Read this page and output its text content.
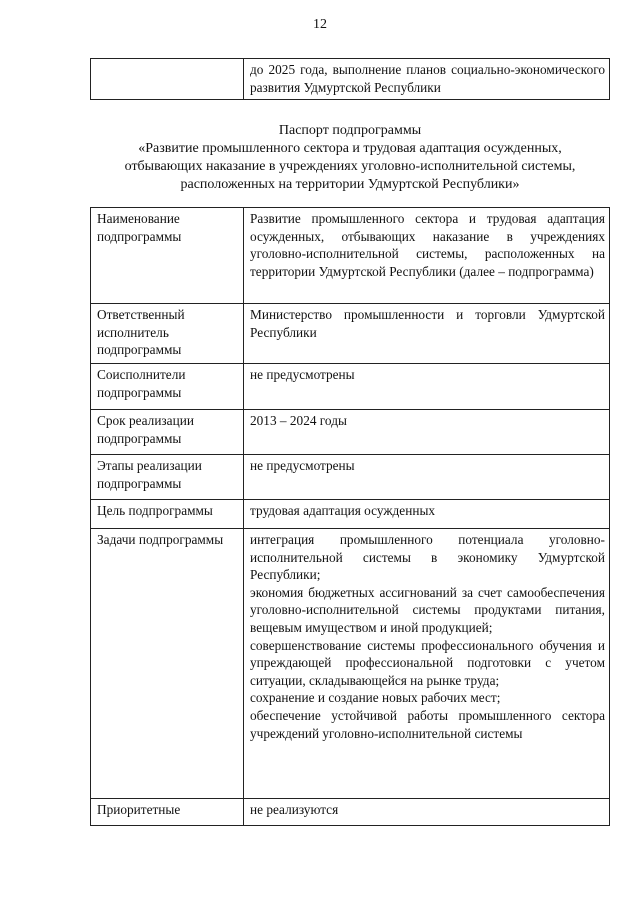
12
	до 2025 года, выполнение планов социально-экономического развития Удмуртской Республики
Паспорт подпрограммы
«Развитие промышленного сектора и трудовая адаптация осужденных,
отбывающих наказание в учреждениях уголовно-исполнительной системы,
расположенных на территории Удмуртской Республики»
Наименование подпрограммы	Развитие промышленного сектора и трудовая адаптация осужденных, отбывающих наказание в учреждениях уголовно-исполнительной системы, расположенных на территории Удмуртской Республики (далее – подпрограмма)
Ответственный исполнитель подпрограммы	Министерство промышленности и торговли Удмуртской Республики
Соисполнители подпрограммы	не предусмотрены
Срок реализации подпрограммы	2013 – 2024 годы
Этапы реализации подпрограммы	не предусмотрены
Цель подпрограммы	трудовая адаптация осужденных
Задачи подпрограммы	интеграция промышленного потенциала уголовно-исполнительной системы в экономику Удмуртской Республики;
экономия бюджетных ассигнований за счет самообеспечения уголовно-исполнительной системы продуктами питания, вещевым имуществом и иной продукцией;
совершенствование системы профессионального обучения и упреждающей профессиональной подготовки с учетом ситуации, складывающейся на рынке труда;
сохранение и создание новых рабочих мест;
обеспечение устойчивой работы промышленного сектора учреждений уголовно-исполнительной системы

Приоритетные	не реализуются
